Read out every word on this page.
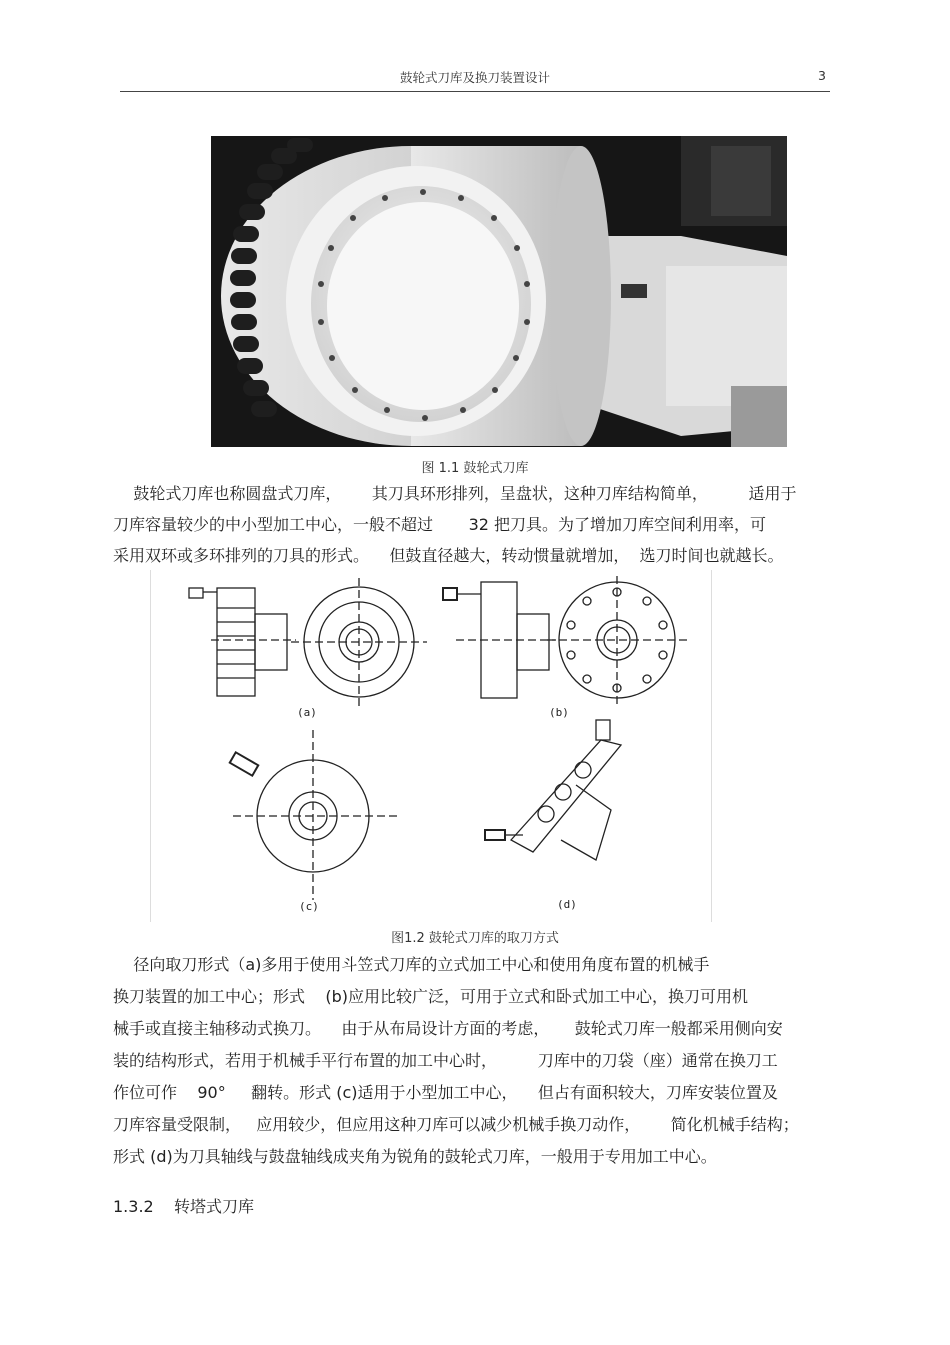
鼓轮式刀库及换刀装置设计	3
图 1.1 鼓轮式刀库
鼓轮式刀库也称圆盘式刀库，      其刀具环形排列，呈盘状，这种刀库结构简单，        适用于
刀库容量较少的中小型加工中心，一般不超过       32 把刀具。为了增加刀库空间利用率，可
采用双环或多环排列的刀具的形式。    但鼓直径越大，转动惯量就增加，  选刀时间也就越长。
(a)	(b)
(c)	(d)
图1.2 鼓轮式刀库的取刀方式
径向取刀形式（a)多用于使用斗笠式刀库的立式加工中心和使用角度布置的机械手
换刀装置的加工中心；形式    (b)应用比较广泛，可用于立式和卧式加工中心，换刀可用机
械手或直接主轴移动式换刀。    由于从布局设计方面的考虑，     鼓轮式刀库一般都采用侧向安
装的结构形式，若用于机械手平行布置的加工中心时，        刀库中的刀袋（座）通常在换刀工
作位可作    90°     翻转。形式 (c)适用于小型加工中心，    但占有面积较大，刀库安装位置及
刀库容量受限制，   应用较少，但应用这种刀库可以减少机械手换刀动作，      简化机械手结构；
形式 (d)为刀具轴线与鼓盘轴线成夹角为锐角的鼓轮式刀库，一般用于专用加工中心。
1.3.2    转塔式刀库
